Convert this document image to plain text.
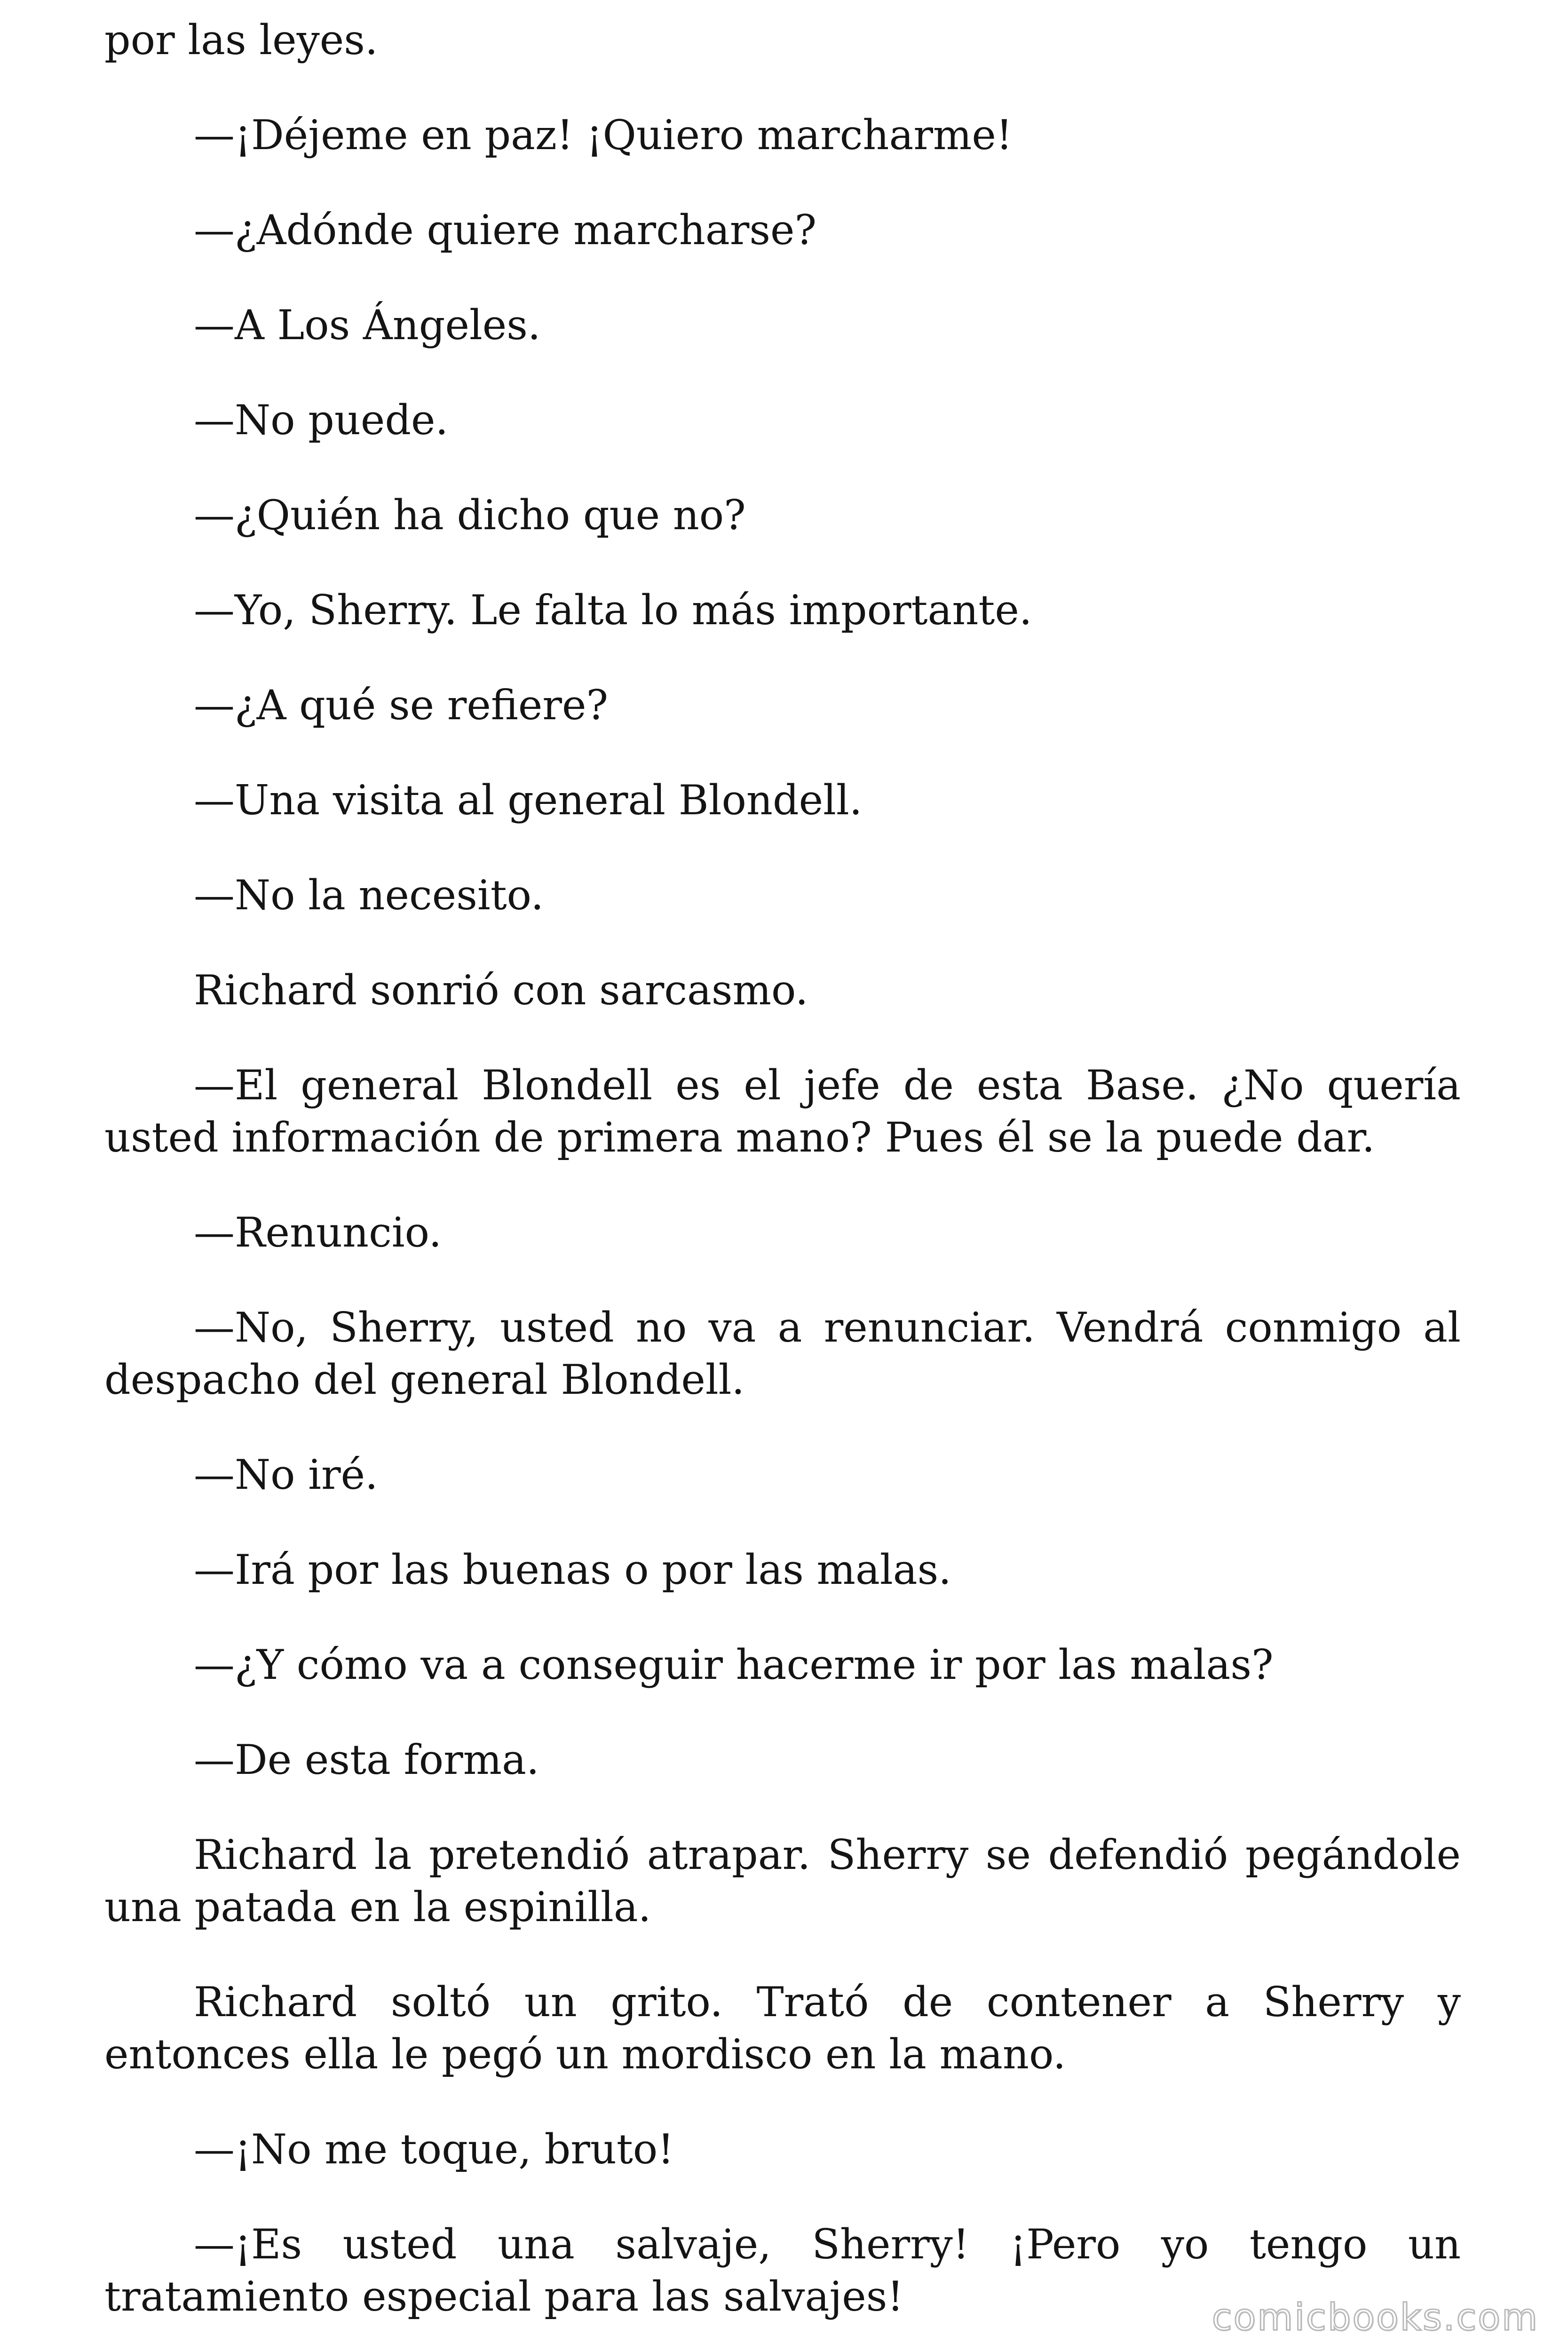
por las leyes.

—¡Déjeme en paz! ¡Quiero marcharme!

—¿Adónde quiere marcharse?

—A Los Ángeles.

—No puede.

—¿Quién ha dicho que no?

—Yo, Sherry. Le falta lo más importante.

—¿A qué se refiere?

—Una visita al general Blondell.

—No la necesito.

Richard sonrió con sarcasmo.

—El general Blondell es el jefe de esta Base. ¿No quería usted información de primera mano? Pues él se la puede dar.

—Renuncio.

—No, Sherry, usted no va a renunciar. Vendrá conmigo al despacho del general Blondell.

—No iré.

—Irá por las buenas o por las malas.

—¿Y cómo va a conseguir hacerme ir por las malas?

—De esta forma.

Richard la pretendió atrapar. Sherry se defendió pegándole una patada en la espinilla.

Richard soltó un grito. Trató de contener a Sherry y entonces ella le pegó un mordisco en la mano.

—¡No me toque, bruto!

—¡Es usted una salvaje, Sherry! ¡Pero yo tengo un tratamiento especial para las salvajes!	comicbooks.com
